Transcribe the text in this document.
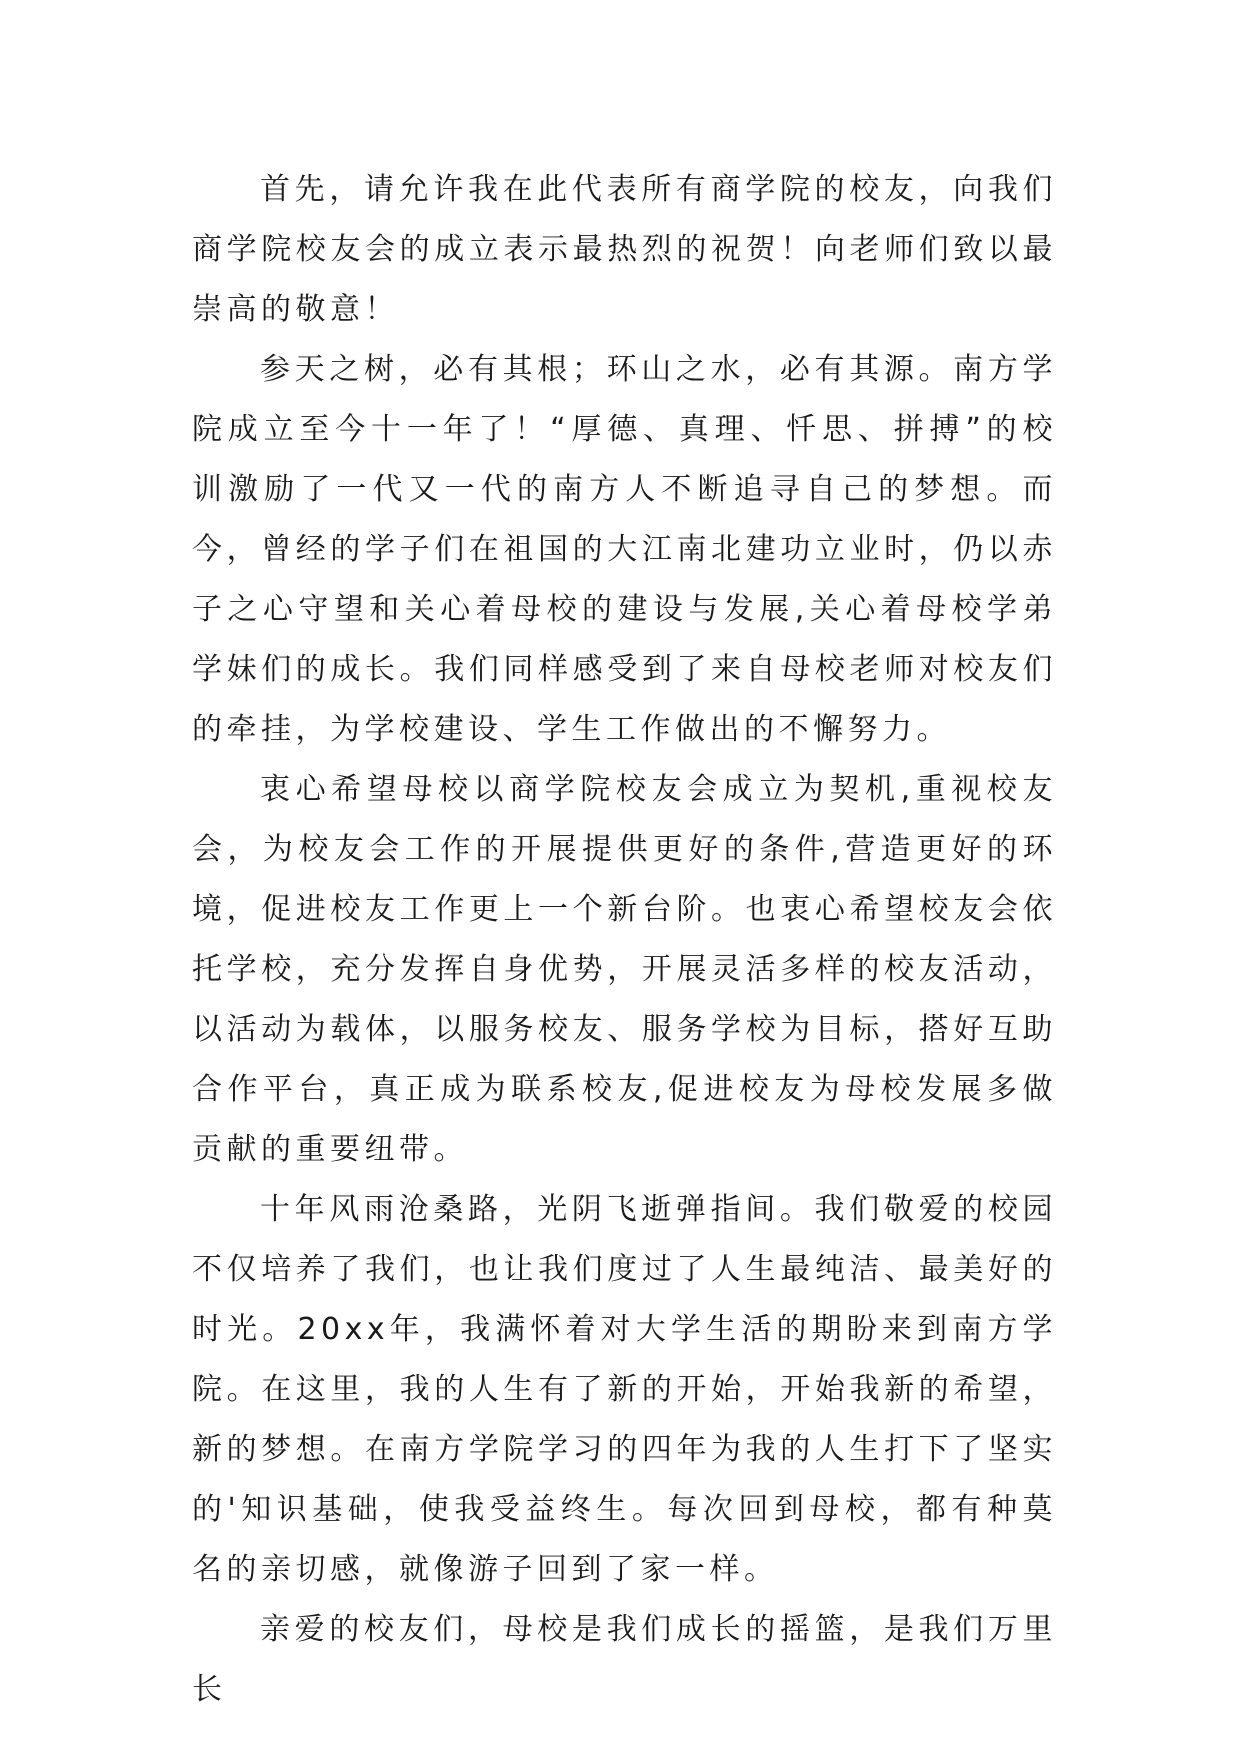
首先，请允许我在此代表所有商学院的校友，向我们商学院校友会的成立表示最热烈的祝贺！向老师们致以最崇高的敬意！

参天之树，必有其根；环山之水，必有其源。南方学院成立至今十一年了！“厚德、真理、忏思、拼搏”的校训激励了一代又一代的南方人不断追寻自己的梦想。而今，曾经的学子们在祖国的大江南北建功立业时，仍以赤子之心守望和关心着母校的建设与发展,关心着母校学弟学妹们的成长。我们同样感受到了来自母校老师对校友们的牵挂，为学校建设、学生工作做出的不懈努力。

衷心希望母校以商学院校友会成立为契机,重视校友会，为校友会工作的开展提供更好的条件,营造更好的环境，促进校友工作更上一个新台阶。也衷心希望校友会依托学校，充分发挥自身优势，开展灵活多样的校友活动，以活动为载体，以服务校友、服务学校为目标，搭好互助合作平台，真正成为联系校友,促进校友为母校发展多做贡献的重要纽带。

十年风雨沧桑路，光阴飞逝弹指间。我们敬爱的校园不仅培养了我们，也让我们度过了人生最纯洁、最美好的时光。20xx年，我满怀着对大学生活的期盼来到南方学院。在这里，我的人生有了新的开始，开始我新的希望，新的梦想。在南方学院学习的四年为我的人生打下了坚实的'知识基础，使我受益终生。每次回到母校，都有种莫名的亲切感，就像游子回到了家一样。

亲爱的校友们，母校是我们成长的摇篮，是我们万里长
